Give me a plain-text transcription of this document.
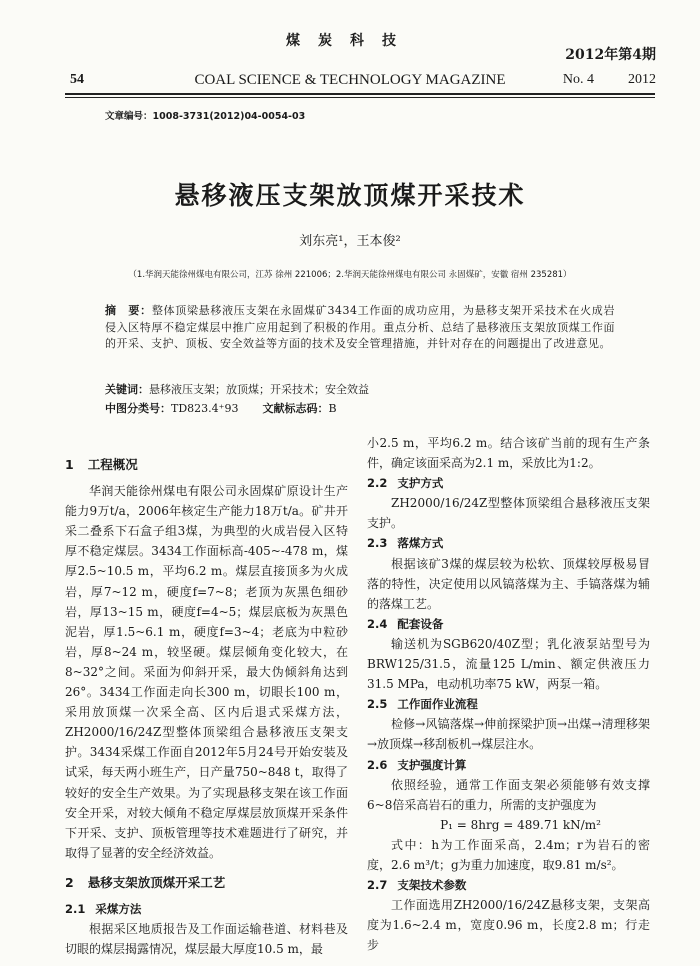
煤炭科技
2012年第4期
54	COAL SCIENCE & TECHNOLOGY MAGAZINE	No. 4 2012
文章编号：1008-3731(2012)04-0054-03
悬移液压支架放顶煤开采技术
刘东亮¹，王本俊²
（1.华润天能徐州煤电有限公司，江苏 徐州 221006；2.华润天能徐州煤电有限公司 永固煤矿，安徽 宿州 235281）
摘　要：整体顶梁悬移液压支架在永固煤矿3434工作面的成功应用，为悬移支架开采技术在火成岩侵入区特厚不稳定煤层中推广应用起到了积极的作用。重点分析、总结了悬移液压支架放顶煤工作面的开采、支护、顶板、安全效益等方面的技术及安全管理措施，并针对存在的问题提出了改进意见。
关键词：悬移液压支架；放顶煤；开采技术；安全效益
中图分类号：TD823.4⁺93 文献标志码：B
1 工程概况

华润天能徐州煤电有限公司永固煤矿原设计生产能力9万t/a，2006年核定生产能力18万t/a。矿井开采二叠系下石盒子组3煤，为典型的火成岩侵入区特厚不稳定煤层。3434工作面标高-405~-478 m，煤厚2.5~10.5 m，平均6.2 m。煤层直接顶多为火成岩，厚7~12 m，硬度f=7~8；老顶为灰黑色细砂岩，厚13~15 m，硬度f=4~5；煤层底板为灰黑色泥岩，厚1.5~6.1 m，硬度f=3~4；老底为中粒砂岩，厚8~24 m，较坚硬。煤层倾角变化较大，在8~32°之间。采面为仰斜开采，最大伪倾斜角达到26°。3434工作面走向长300 m，切眼长100 m，采用放顶煤一次采全高、区内后退式采煤方法，ZH2000/16/24Z型整体顶梁组合悬移液压支架支护。3434采煤工作面自2012年5月24号开始安装及试采，每天两小班生产，日产量750~848 t，取得了较好的安全生产效果。为了实现悬移支架在该工作面安全开采，对较大倾角不稳定厚煤层放顶煤开采条件下开采、支护、顶板管理等技术难题进行了研究，并取得了显著的安全经济效益。

2 悬移支架放顶煤开采工艺
2.1 采煤方法

根据采区地质报告及工作面运输巷道、材料巷及切眼的煤层揭露情况，煤层最大厚度10.5 m，最

小2.5 m，平均6.2 m。结合该矿当前的现有生产条件，确定该面采高为2.1 m，采放比为1:2。

2.2 支护方式

ZH2000/16/24Z型整体顶梁组合悬移液压支架支护。

2.3 落煤方式

根据该矿3煤的煤层较为松软、顶煤较厚极易冒落的特性，决定使用以风镐落煤为主、手镐落煤为辅的落煤工艺。

2.4 配套设备

输送机为SGB620/40Z型；乳化液泵站型号为BRW125/31.5，流量125 L/min、额定供液压力31.5 MPa，电动机功率75 kW，两泵一箱。

2.5 工作面作业流程

检修→风镐落煤→伸前探梁护顶→出煤→清理移架→放顶煤→移刮板机→煤层注水。

2.6 支护强度计算

依照经验，通常工作面支架必须能够有效支撑6~8倍采高岩石的重力，所需的支护强度为

P₁ = 8hrg = 489.71 kN/m²

式中：h为工作面采高，2.4m；r为岩石的密度，2.6 m³/t；g为重力加速度，取9.81 m/s²。

2.7 支架技术参数

工作面选用ZH2000/16/24Z悬移支架，支架高度为1.6~2.4 m，宽度0.96 m，长度2.8 m；行走步
